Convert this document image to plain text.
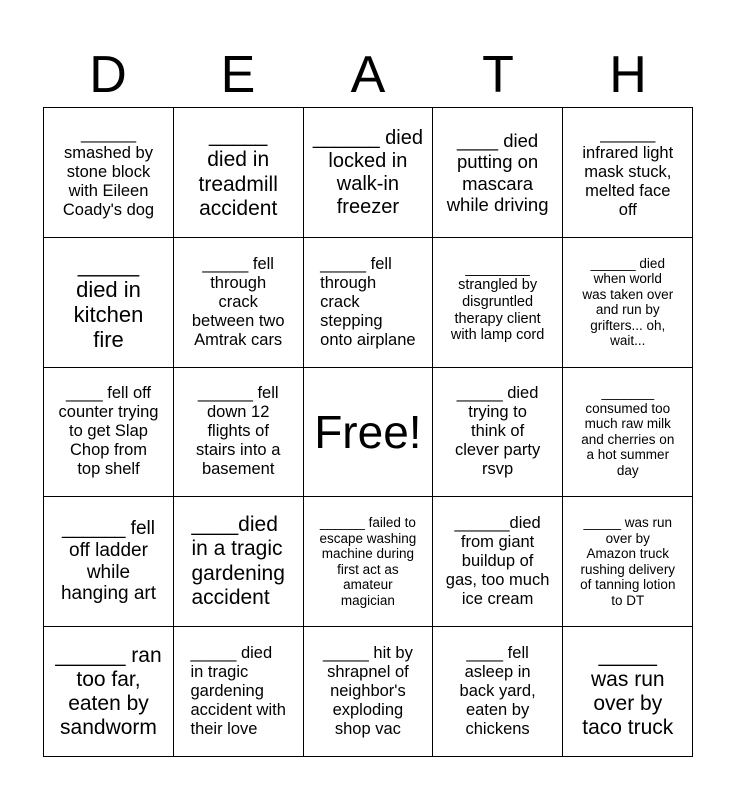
D	E	A	T	H
______
smashed by
stone block
with Eileen
Coady's dog
_____
died in
treadmill
accident
______ died
locked in
walk-in
freezer
____ died
putting on
mascara
while driving
______
infrared light
mask stuck,
melted face
off
_____
died in
kitchen
fire
_____ fell
through
crack
between two
Amtrak cars
_____ fell
through
crack
stepping
onto airplane
________
strangled by
disgruntled
therapy client
with lamp cord
______ died
when world
was taken over
and run by
grifters... oh,
wait...
____ fell off
counter trying
to get Slap
Chop from
top shelf
______ fell
down 12
flights of
stairs into a
basement
Free!
_____ died
trying to
think of
clever party
rsvp
_______
consumed too
much raw milk
and cherries on
a hot summer
day
______ fell
off ladder
while
hanging art
____died
in a tragic
gardening
accident
______ failed to
escape washing
machine during
first act as
amateur
magician
______died
from giant
buildup of
gas, too much
ice cream
_____ was run
over by
Amazon truck
rushing delivery
of tanning lotion
to DT
______ ran
too far,
eaten by
sandworm
_____ died
in tragic
gardening
accident with
their love
_____ hit by
shrapnel of
neighbor's
exploding
shop vac
____ fell
asleep in
back yard,
eaten by
chickens
_____
was run
over by
taco truck
